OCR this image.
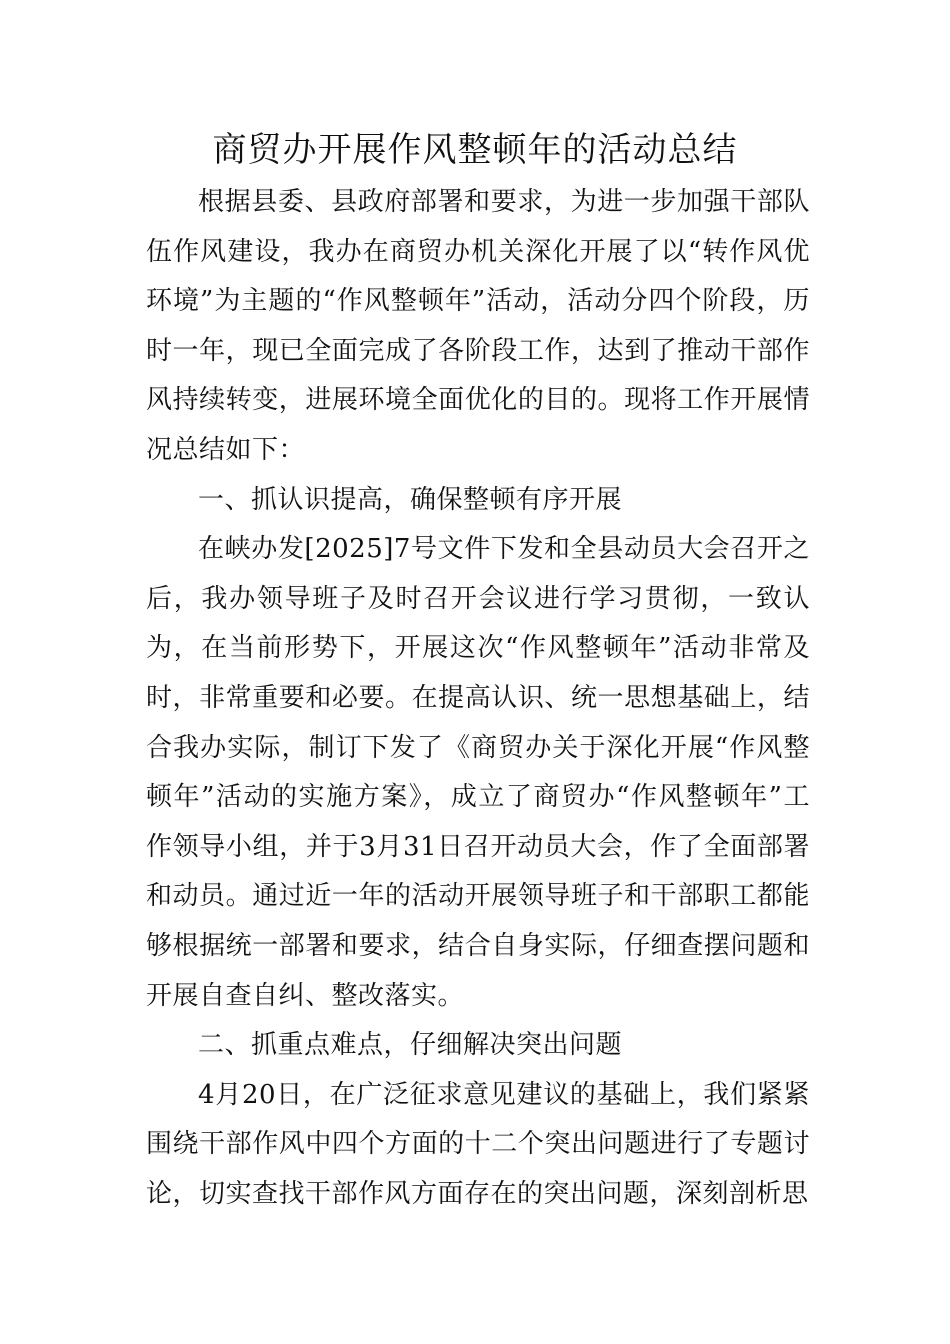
商贸办开展作风整顿年的活动总结

根据县委、县政府部署和要求，为进一步加强干部队伍作风建设，我办在商贸办机关深化开展了以“转作风优环境”为主题的“作风整顿年”活动，活动分四个阶段，历时一年，现已全面完成了各阶段工作，达到了推动干部作风持续转变，进展环境全面优化的目的。现将工作开展情况总结如下：

一、抓认识提高，确保整顿有序开展

在峡办发[2025]7号文件下发和全县动员大会召开之后，我办领导班子及时召开会议进行学习贯彻，一致认为，在当前形势下，开展这次“作风整顿年”活动非常及时，非常重要和必要。在提高认识、统一思想基础上，结合我办实际，制订下发了《商贸办关于深化开展“作风整顿年”活动的实施方案》，成立了商贸办“作风整顿年”工作领导小组，并于3月31日召开动员大会，作了全面部署和动员。通过近一年的活动开展领导班子和干部职工都能够根据统一部署和要求，结合自身实际，仔细查摆问题和开展自查自纠、整改落实。

二、抓重点难点，仔细解决突出问题

4月20日，在广泛征求意见建议的基础上，我们紧紧围绕干部作风中四个方面的十二个突出问题进行了专题讨论，切实查找干部作风方面存在的突出问题，深刻剖析思
